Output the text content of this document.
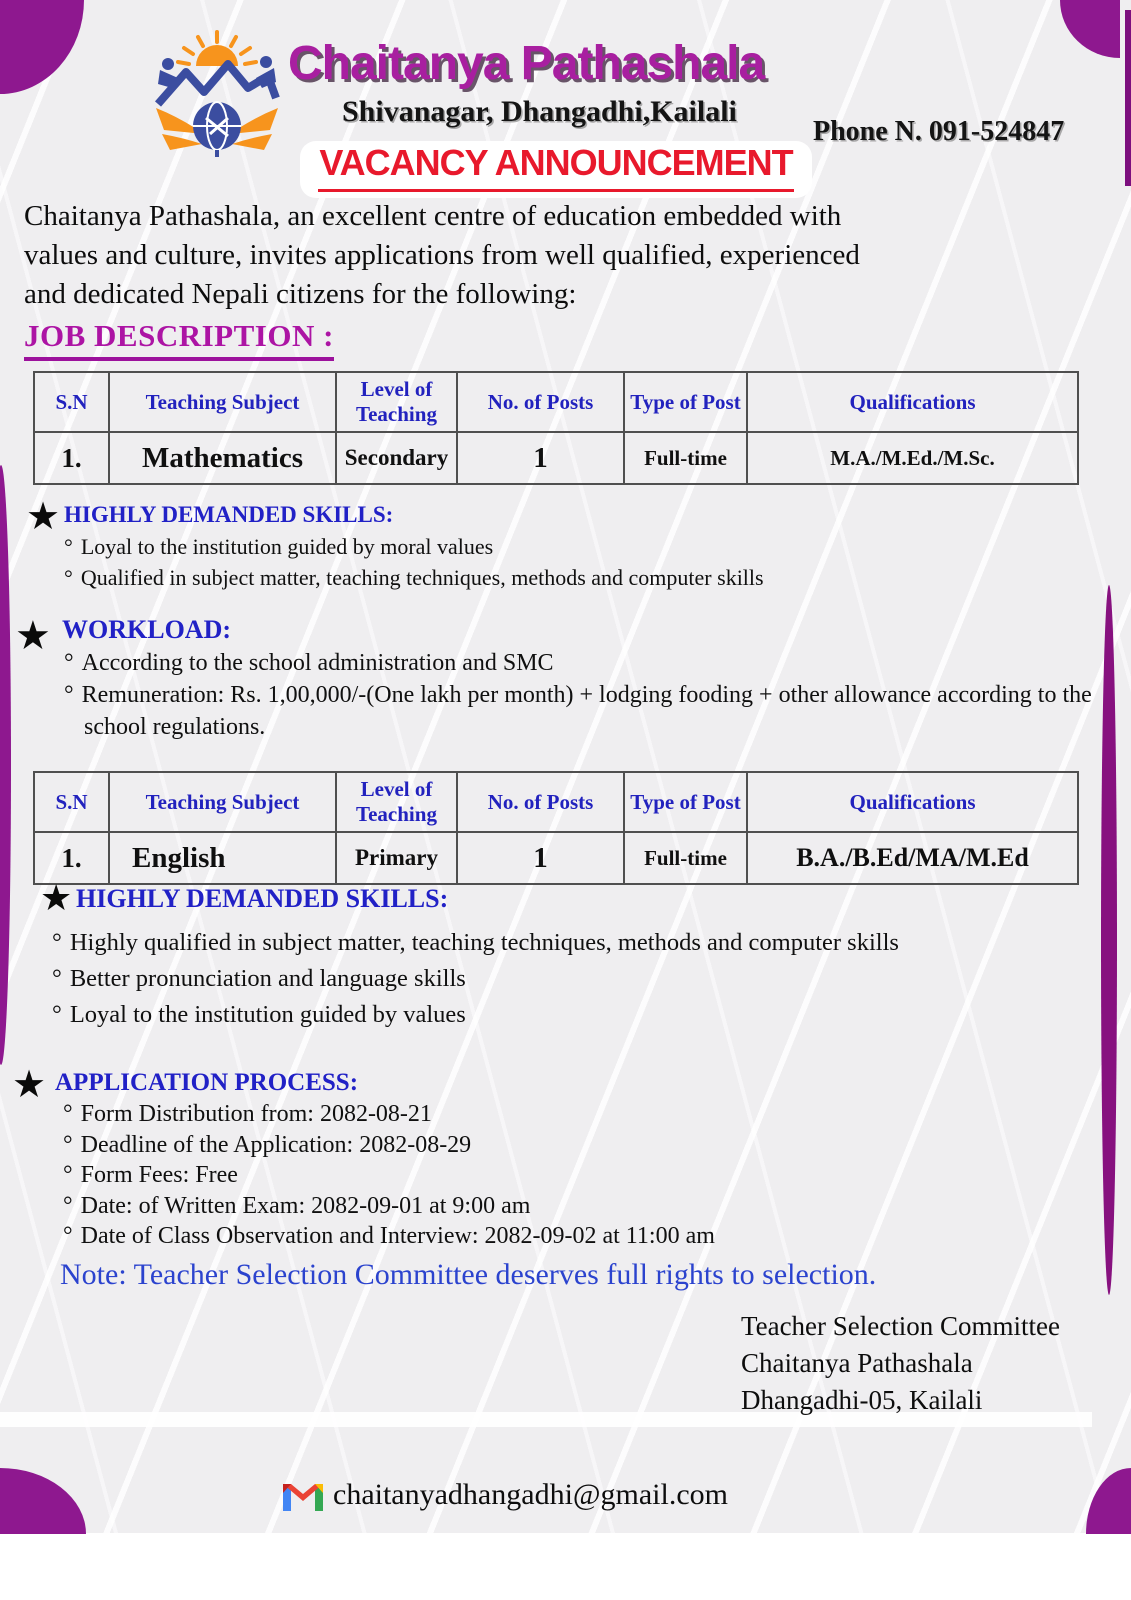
Chaitanya Pathashala
Shivanagar, Dhangadhi,Kailali
Phone N. 091-524847
VACANCY ANNOUNCEMENT
Chaitanya Pathashala, an excellent centre of education embedded with
values and culture, invites applications from well qualified, experienced
and dedicated Nepali citizens for the following:
JOB DESCRIPTION :
S.N	Teaching Subject	Level of Teaching	No. of Posts	Type of Post	Qualifications
1.	Mathematics	Secondary	1	Full-time	M.A./M.Ed./M.Sc.
★ HIGHLY DEMANDED SKILLS:
° Loyal to the institution guided by moral values
° Qualified in subject matter, teaching techniques, methods and computer skills
★ WORKLOAD:
° According to the school administration and SMC
° Remuneration: Rs. 1,00,000/-(One lakh per month) + lodging fooding + other allowance according to the school regulations.
S.N	Teaching Subject	Level of Teaching	No. of Posts	Type of Post	Qualifications
1.	English	Primary	1	Full-time	B.A./B.Ed/MA/M.Ed
★ HIGHLY DEMANDED SKILLS:
° Highly qualified in subject matter, teaching techniques, methods and computer skills
° Better pronunciation and language skills
° Loyal to the institution guided by values
★ APPLICATION PROCESS:
° Form Distribution from: 2082-08-21
° Deadline of the Application: 2082-08-29
° Form Fees: Free
° Date: of Written Exam: 2082-09-01 at 9:00 am
° Date of Class Observation and Interview: 2082-09-02 at 11:00 am
Note: Teacher Selection Committee deserves full rights to selection.
Teacher Selection Committee
Chaitanya Pathashala
Dhangadhi-05, Kailali
chaitanyadhangadhi@gmail.com
